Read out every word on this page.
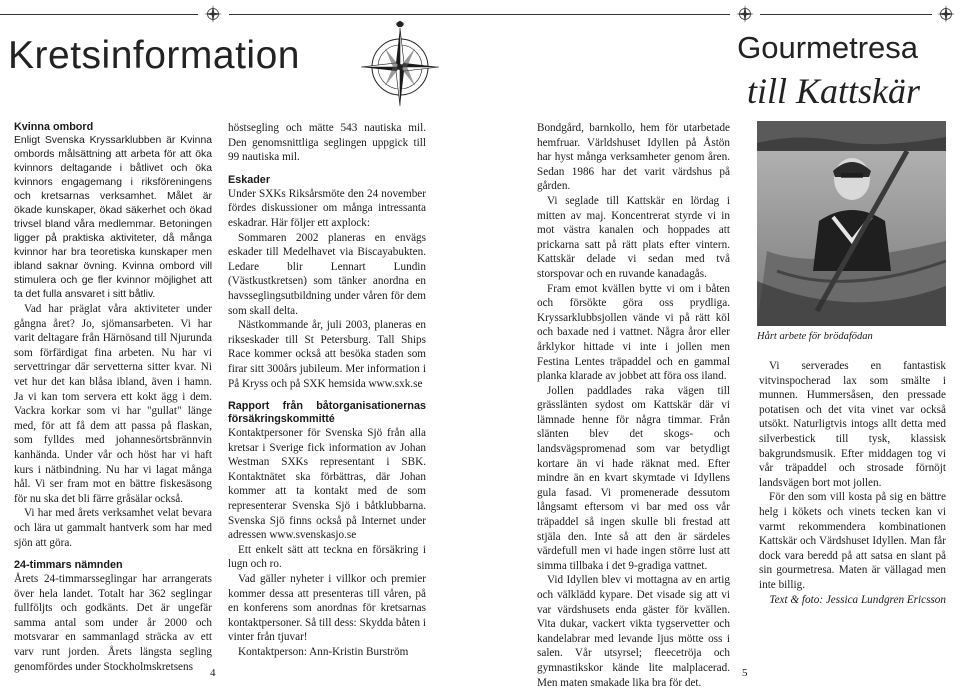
Kretsinformation
Kvinna ombord

Enligt Svenska Kryssarklubben är Kvinna ombords målsättning att arbeta för att öka kvinnors deltagande i båtlivet och öka kvinnors engagemang i riksföreningens och kretsarnas verksamhet. Målet är ökade kunskaper, ökad säkerhet och ökad trivsel bland våra medlemmar. Betoningen ligger på praktiska aktiviteter, då många kvinnor har bra teoretiska kunskaper men ibland saknar övning. Kvinna ombord vill stimulera och ge fler kvinnor möjlighet att ta det fulla ansvaret i sitt båtliv.

Vad har präglat våra aktiviteter under gångna året? Jo, sjömansarbeten. Vi har varit deltagare från Härnösand till Njurunda som förfärdigat fina arbeten. Nu har vi servettringar där servetterna sitter kvar. Ni vet hur det kan blåsa ibland, även i hamn. Ja vi kan tom servera ett kokt ägg i dem. Vackra korkar som vi har "gullat" länge med, för att få dem att passa på flaskan, som fylldes med johannesörtsbrännvin kanhända. Under vår och höst har vi haft kurs i nätbindning. Nu har vi lagat många hål. Vi ser fram mot en bättre fiskesäsong för nu ska det bli färre gråsälar också.

Vi har med årets verksamhet velat bevara och lära ut gammalt hantverk som har med sjön att göra.

24-timmars nämnden

Årets 24-timmarsseglingar har arrangerats över hela landet. Totalt har 362 seglingar fullföljts och godkänts. Det är ungefär samma antal som under år 2000 och motsvarar en sammanlagd sträcka av ett varv runt jorden. Årets längsta segling genomfördes under Stockholmskretsens

höstsegling och mätte 543 nautiska mil. Den genomsnittliga seglingen uppgick till 99 nautiska mil.

Eskader

Under SXKs Riksårsmöte den 24 november fördes diskussioner om många intressanta eskadrar. Här följer ett axplock:

Sommaren 2002 planeras en envägs eskader till Medelhavet via Biscayabukten. Ledare blir Lennart Lundin (Västkustkretsen) som tänker anordna en havsseglingsutbildning under våren för dem som skall delta.

Nästkommande år, juli 2003, planeras en rikseskader till St Petersburg. Tall Ships Race kommer också att besöka staden som firar sitt 300års jubileum. Mer information i På Kryss och på SXK hemsida www.sxk.se

Rapport från båtorganisationernas försäkringskommitté

Kontaktpersoner för Svenska Sjö från alla kretsar i Sverige fick information av Johan Westman SXKs representant i SBK. Kontaktnätet ska förbättras, där Johan kommer att ta kontakt med de som representerar Svenska Sjö i båtklubbarna. Svenska Sjö finns också på Internet under adressen www.svenskasjo.se

Ett enkelt sätt att teckna en försäkring i lugn och ro.

Vad gäller nyheter i villkor och premier kommer dessa att presenteras till våren, på en konferens som anordnas för kretsarnas kontaktpersoner. Så till dess: Skydda båten i vinter från tjuvar!

Kontaktperson: Ann-Kristin Burström

4

Gourmetresa
till Kattskär

5

Bondgård, barnkollo, hem för utarbetade hemfruar. Världshuset Idyllen på Åstön har hyst många verksamheter genom åren. Sedan 1986 har det varit värdshus på gården.

Vi seglade till Kattskär en lördag i mitten av maj. Koncentrerat styrde vi in mot västra kanalen och hoppades att prickarna satt på rätt plats efter vintern. Kattskär delade vi sedan med två storspovar och en ruvande kanadagås.

Fram emot kvällen bytte vi om i båten och försökte göra oss prydliga. Kryssarklubbsjollen vände vi på rätt köl och baxade ned i vattnet. Några åror eller årklykor hittade vi inte i jollen men Festina Lentes träpaddel och en gammal planka klarade av jobbet att föra oss iland.

Jollen paddlades raka vägen till grässlänten sydost om Kattskär där vi lämnade henne för några timmar. Från slänten blev det skogs- och landsvägspromenad som var betydligt kortare än vi hade räknat med. Efter mindre än en kvart skymtade vi Idyllens gula fasad. Vi promenerade dessutom långsamt eftersom vi bar med oss vår träpaddel så ingen skulle bli frestad att stjäla den. Inte så att den är särdeles värdefull men vi hade ingen större lust att simma tillbaka i det 9-gradiga vattnet.

Vid Idyllen blev vi mottagna av en artig och välklädd kypare. Det visade sig att vi var värdshusets enda gäster för kvällen. Vita dukar, vackert vikta tygservetter och kandelabrar med levande ljus mötte oss i salen. Vår utsyrsel; fleecetröja och gymnastikskor kände lite malplacerad. Men maten smakade lika bra för det.

Hårt arbete för brödafödan

Vi serverades en fantastisk vitvinspocherad lax som smälte i munnen. Hummersåsen, den pressade potatisen och det vita vinet var också utsökt. Naturligtvis intogs allt detta med silverbestick till tysk, klassisk bakgrundsmusik. Efter middagen tog vi vår träpaddel och strosade förnöjt landsvägen bort mot jollen.

För den som vill kosta på sig en bättre helg i kökets och vinets tecken kan vi varmt rekommendera kombinationen Kattskär och Värdshuset Idyllen. Man får dock vara beredd på att satsa en slant på sin gourmetresa. Maten är vällagad men inte billig.

Text & foto: Jessica Lundgren Ericsson
